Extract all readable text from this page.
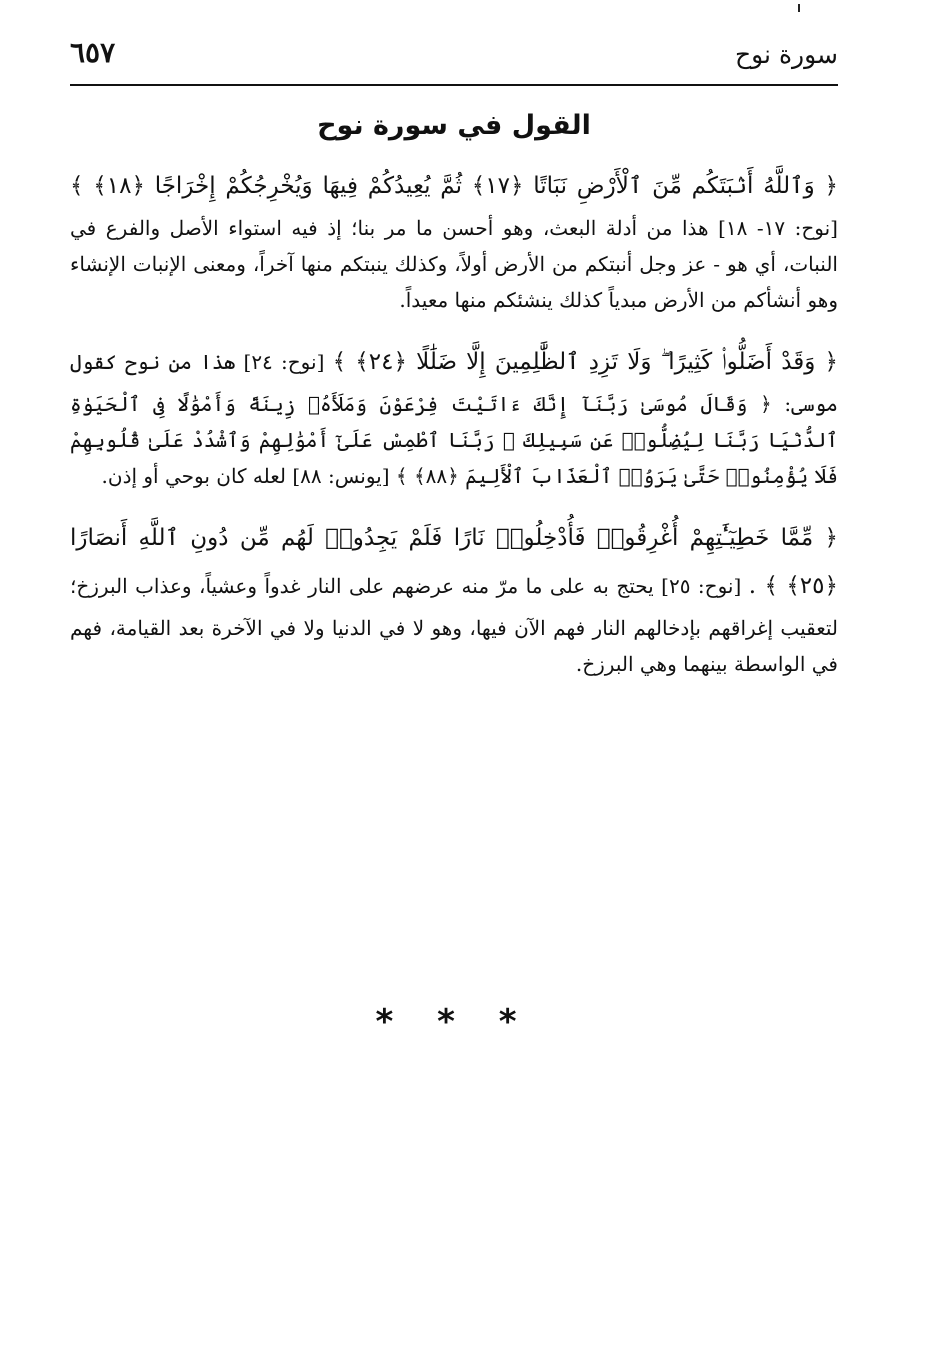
سورة نوح
٦٥٧
القول في سورة نوح

﴿ وَٱللَّهُ أَنۢبَتَكُم مِّنَ ٱلْأَرْضِ نَبَاتًا ﴿١٧﴾ ثُمَّ يُعِيدُكُمْ فِيهَا وَيُخْرِجُكُمْ إِخْرَاجًا ﴿١٨﴾ ﴾ [نوح: ١٧- ١٨] هذا من أدلة البعث، وهو أحسن ما مر بنا؛ إذ فيه استواء الأصل والفرع في النبات، أي هو - عز وجل أنبتكم من الأرض أولاً، وكذلك ينبتكم منها آخراً، ومعنى الإنبات الإنشاء وهو أنشأكم من الأرض مبدياً كذلك ينشئكم منها معيداً.

﴿ وَقَدْ أَضَلُّوا۟ كَثِيرًا ۖ وَلَا تَزِدِ ٱلظَّٰلِمِينَ إِلَّا ضَلَٰلًا ﴿٢٤﴾ ﴾ [نوح: ٢٤] هذا من نوح كقول موسى: ﴿ وَقَالَ مُوسَىٰ رَبَّنَآ إِنَّكَ ءَاتَيْتَ فِرْعَوْنَ وَمَلَأَهُۥ زِينَةً وَأَمْوَٰلًا فِى ٱلْحَيَوٰةِ ٱلدُّنْيَا رَبَّنَا لِيُضِلُّوا۟ عَن سَبِيلِكَ ۖ رَبَّنَا ٱطْمِسْ عَلَىٰٓ أَمْوَٰلِهِمْ وَٱشْدُدْ عَلَىٰ قُلُوبِهِمْ فَلَا يُؤْمِنُوا۟ حَتَّىٰ يَرَوُا۟ ٱلْعَذَابَ ٱلْأَلِيمَ ﴿٨٨﴾ ﴾ [يونس: ٨٨] لعله كان بوحي أو إذن.

﴿ مِّمَّا خَطِيٓـَٰٔتِهِمْ أُغْرِقُوا۟ فَأُدْخِلُوا۟ نَارًا فَلَمْ يَجِدُوا۟ لَهُم مِّن دُونِ ٱللَّهِ أَنصَارًا ﴿٢٥﴾ ﴾ . [نوح: ٢٥] يحتج به على ما مرّ منه عرضهم على النار غدواً وعشياً، وعذاب البرزخ؛ لتعقيب إغراقهم بإدخالهم النار فهم الآن فيها، وهو لا في الدنيا ولا في الآخرة بعد القيامة، فهم في الواسطة بينهما وهي البرزخ.

* * *
